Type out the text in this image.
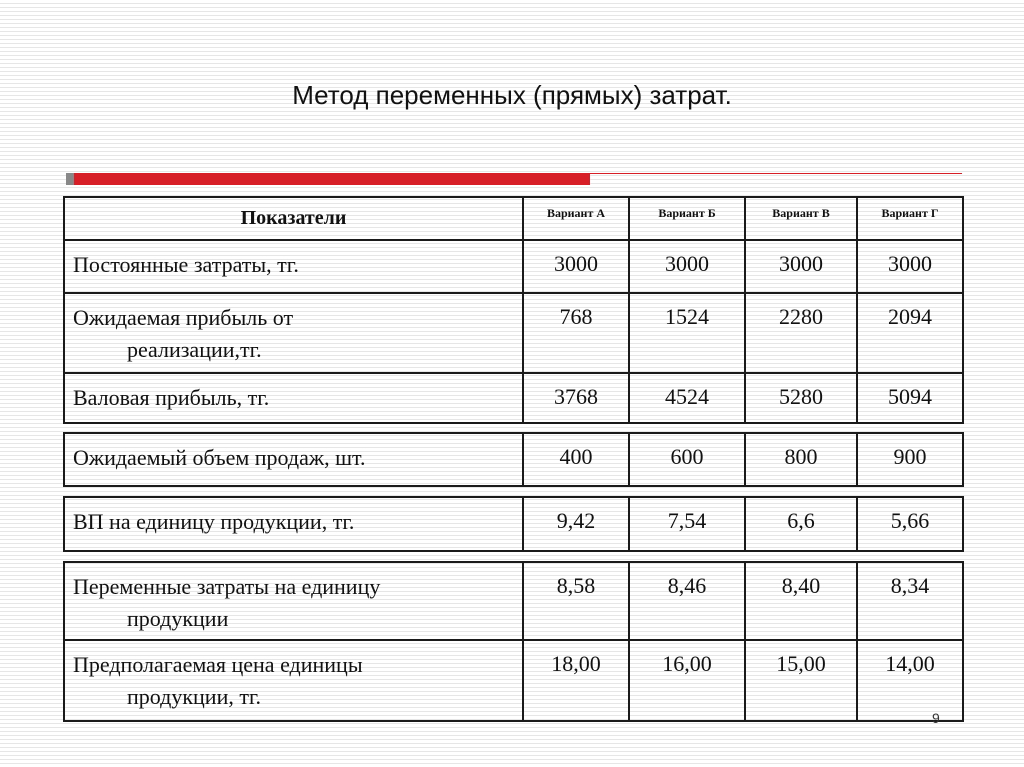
Метод переменных (прямых) затрат.
Показатели	Вариант А	Вариант Б	Вариант В	Вариант Г
Постоянные затраты, тг.	3000	3000	3000	3000
Ожидаемая прибыль от
реализации,тг.	768	1524	2280	2094
Валовая прибыль, тг.	3768	4524	5280	5094
Ожидаемый объем продаж, шт.	400	600	800	900
ВП на единицу продукции, тг.	9,42	7,54	6,6	5,66
Переменные затраты на единицу
продукции	8,58	8,46	8,40	8,34
Предполагаемая цена единицы
продукции, тг.	18,00	16,00	15,00	14,00
9
